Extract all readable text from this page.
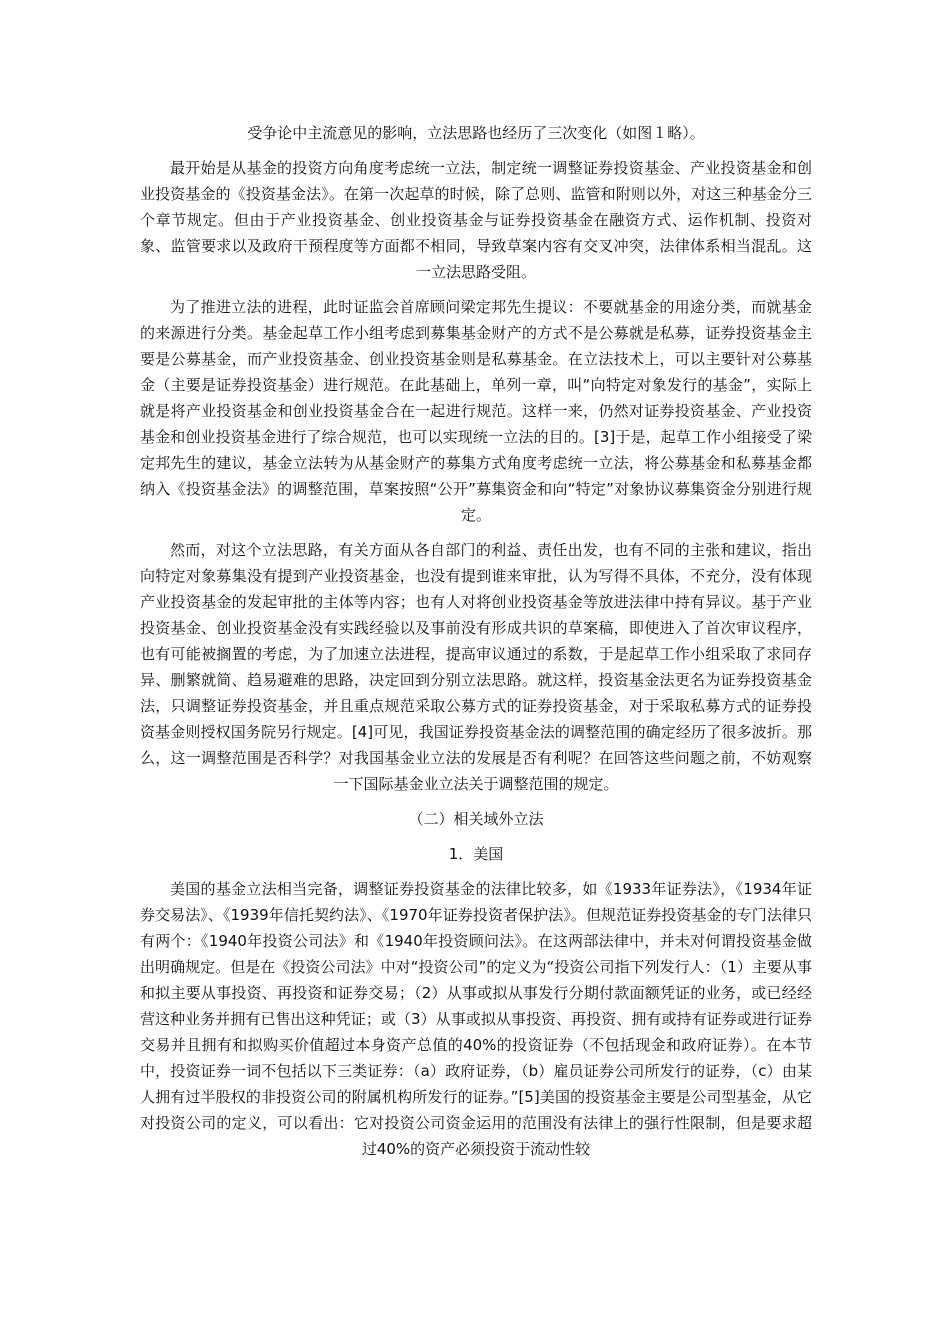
受争论中主流意见的影响，立法思路也经历了三次变化（如图１略）。

最开始是从基金的投资方向角度考虑统一立法，制定统一调整证券投资基金、产业投资基金和创业投资基金的《投资基金法》。在第一次起草的时候，除了总则、监管和附则以外，对这三种基金分三个章节规定。但由于产业投资基金、创业投资基金与证券投资基金在融资方式、运作机制、投资对象、监管要求以及政府干预程度等方面都不相同，导致草案内容有交叉冲突，法律体系相当混乱。这一立法思路受阻。

为了推进立法的进程，此时证监会首席顾问梁定邦先生提议：不要就基金的用途分类，而就基金的来源进行分类。基金起草工作小组考虑到募集基金财产的方式不是公募就是私募，证券投资基金主要是公募基金，而产业投资基金、创业投资基金则是私募基金。在立法技术上，可以主要针对公募基金（主要是证券投资基金）进行规范。在此基础上，单列一章，叫“向特定对象发行的基金”，实际上就是将产业投资基金和创业投资基金合在一起进行规范。这样一来，仍然对证券投资基金、产业投资基金和创业投资基金进行了综合规范，也可以实现统一立法的目的。[3]于是，起草工作小组接受了梁定邦先生的建议，基金立法转为从基金财产的募集方式角度考虑统一立法，将公募基金和私募基金都纳入《投资基金法》的调整范围，草案按照“公开”募集资金和向“特定”对象协议募集资金分别进行规定。

然而，对这个立法思路，有关方面从各自部门的利益、责任出发，也有不同的主张和建议，指出向特定对象募集没有提到产业投资基金，也没有提到谁来审批，认为写得不具体，不充分，没有体现产业投资基金的发起审批的主体等内容；也有人对将创业投资基金等放进法律中持有异议。基于产业投资基金、创业投资基金没有实践经验以及事前没有形成共识的草案稿，即使进入了首次审议程序，也有可能被搁置的考虑，为了加速立法进程，提高审议通过的系数，于是起草工作小组采取了求同存异、删繁就简、趋易避难的思路，决定回到分别立法思路。就这样，投资基金法更名为证券投资基金法，只调整证券投资基金，并且重点规范采取公募方式的证券投资基金，对于采取私募方式的证券投资基金则授权国务院另行规定。[4]可见，我国证券投资基金法的调整范围的确定经历了很多波折。那么，这一调整范围是否科学？对我国基金业立法的发展是否有利呢？在回答这些问题之前，不妨观察一下国际基金业立法关于调整范围的规定。

（二）相关域外立法

1．美国

美国的基金立法相当完备，调整证券投资基金的法律比较多，如《1933年证券法》，《1934年证券交易法》、《1939年信托契约法》、《1970年证券投资者保护法》。但规范证券投资基金的专门法律只有两个：《1940年投资公司法》和《1940年投资顾问法》。在这两部法律中，并未对何谓投资基金做出明确规定。但是在《投资公司法》中对“投资公司”的定义为“投资公司指下列发行人：（1）主要从事和拟主要从事投资、再投资和证券交易；（2）从事或拟从事发行分期付款面额凭证的业务，或已经经营这种业务并拥有已售出这种凭证；或（3）从事或拟从事投资、再投资、拥有或持有证券或进行证券交易并且拥有和拟购买价值超过本身资产总值的40%的投资证券（不包括现金和政府证券）。在本节中，投资证券一词不包括以下三类证券：（a）政府证券，（b）雇员证券公司所发行的证券，（c）由某人拥有过半股权的非投资公司的附属机构所发行的证券。”[5]美国的投资基金主要是公司型基金，从它对投资公司的定义，可以看出：它对投资公司资金运用的范围没有法律上的强行性限制，但是要求超过40%的资产必须投资于流动性较
